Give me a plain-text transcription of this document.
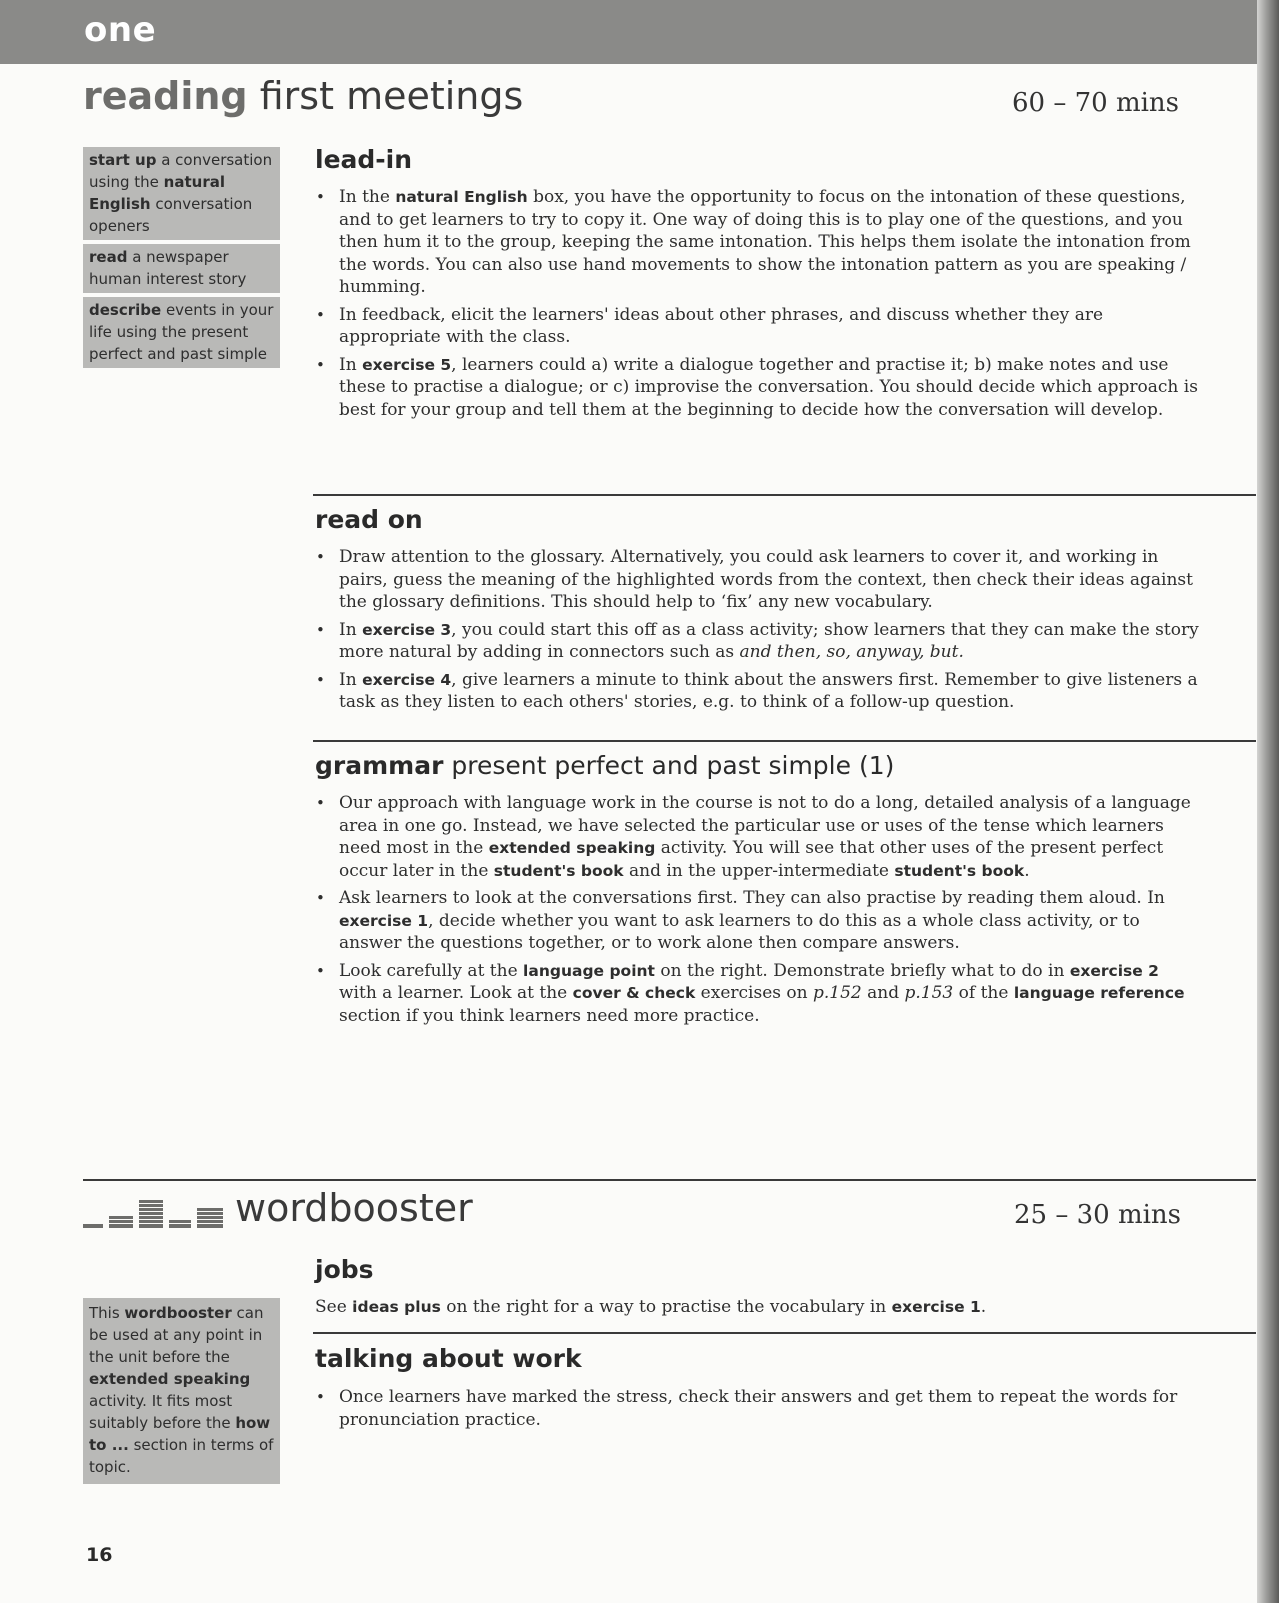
one
reading first meetings	60 – 70 mins
start up a conversation using the natural English conversation openers
read a newspaper human interest story
describe events in your life using the present perfect and past simple
lead-in
• In the natural English box, you have the opportunity to focus on the intonation of these questions, and to get learners to try to copy it. One way of doing this is to play one of the questions, and you then hum it to the group, keeping the same intonation. This helps them isolate the intonation from the words. You can also use hand movements to show the intonation pattern as you are speaking / humming.
• In feedback, elicit the learners' ideas about other phrases, and discuss whether they are appropriate with the class.
• In exercise 5, learners could a) write a dialogue together and practise it; b) make notes and use these to practise a dialogue; or c) improvise the conversation. You should decide which approach is best for your group and tell them at the beginning to decide how the conversation will develop.
read on
• Draw attention to the glossary. Alternatively, you could ask learners to cover it, and working in pairs, guess the meaning of the highlighted words from the context, then check their ideas against the glossary definitions. This should help to ‘fix’ any new vocabulary.
• In exercise 3, you could start this off as a class activity; show learners that they can make the story more natural by adding in connectors such as and then, so, anyway, but.
• In exercise 4, give learners a minute to think about the answers first. Remember to give listeners a task as they listen to each others' stories, e.g. to think of a follow-up question.
grammar present perfect and past simple (1)
• Our approach with language work in the course is not to do a long, detailed analysis of a language area in one go. Instead, we have selected the particular use or uses of the tense which learners need most in the extended speaking activity. You will see that other uses of the present perfect occur later in the student's book and in the upper-intermediate student's book.
• Ask learners to look at the conversations first. They can also practise by reading them aloud. In exercise 1, decide whether you want to ask learners to do this as a whole class activity, or to answer the questions together, or to work alone then compare answers.
• Look carefully at the language point on the right. Demonstrate briefly what to do in exercise 2 with a learner. Look at the cover & check exercises on p.152 and p.153 of the language reference section if you think learners need more practice.
wordbooster	25 – 30 mins
This wordbooster can be used at any point in the unit before the extended speaking activity. It fits most suitably before the how to ... section in terms of topic.
jobs
See ideas plus on the right for a way to practise the vocabulary in exercise 1.
talking about work
• Once learners have marked the stress, check their answers and get them to repeat the words for pronunciation practice.
16
